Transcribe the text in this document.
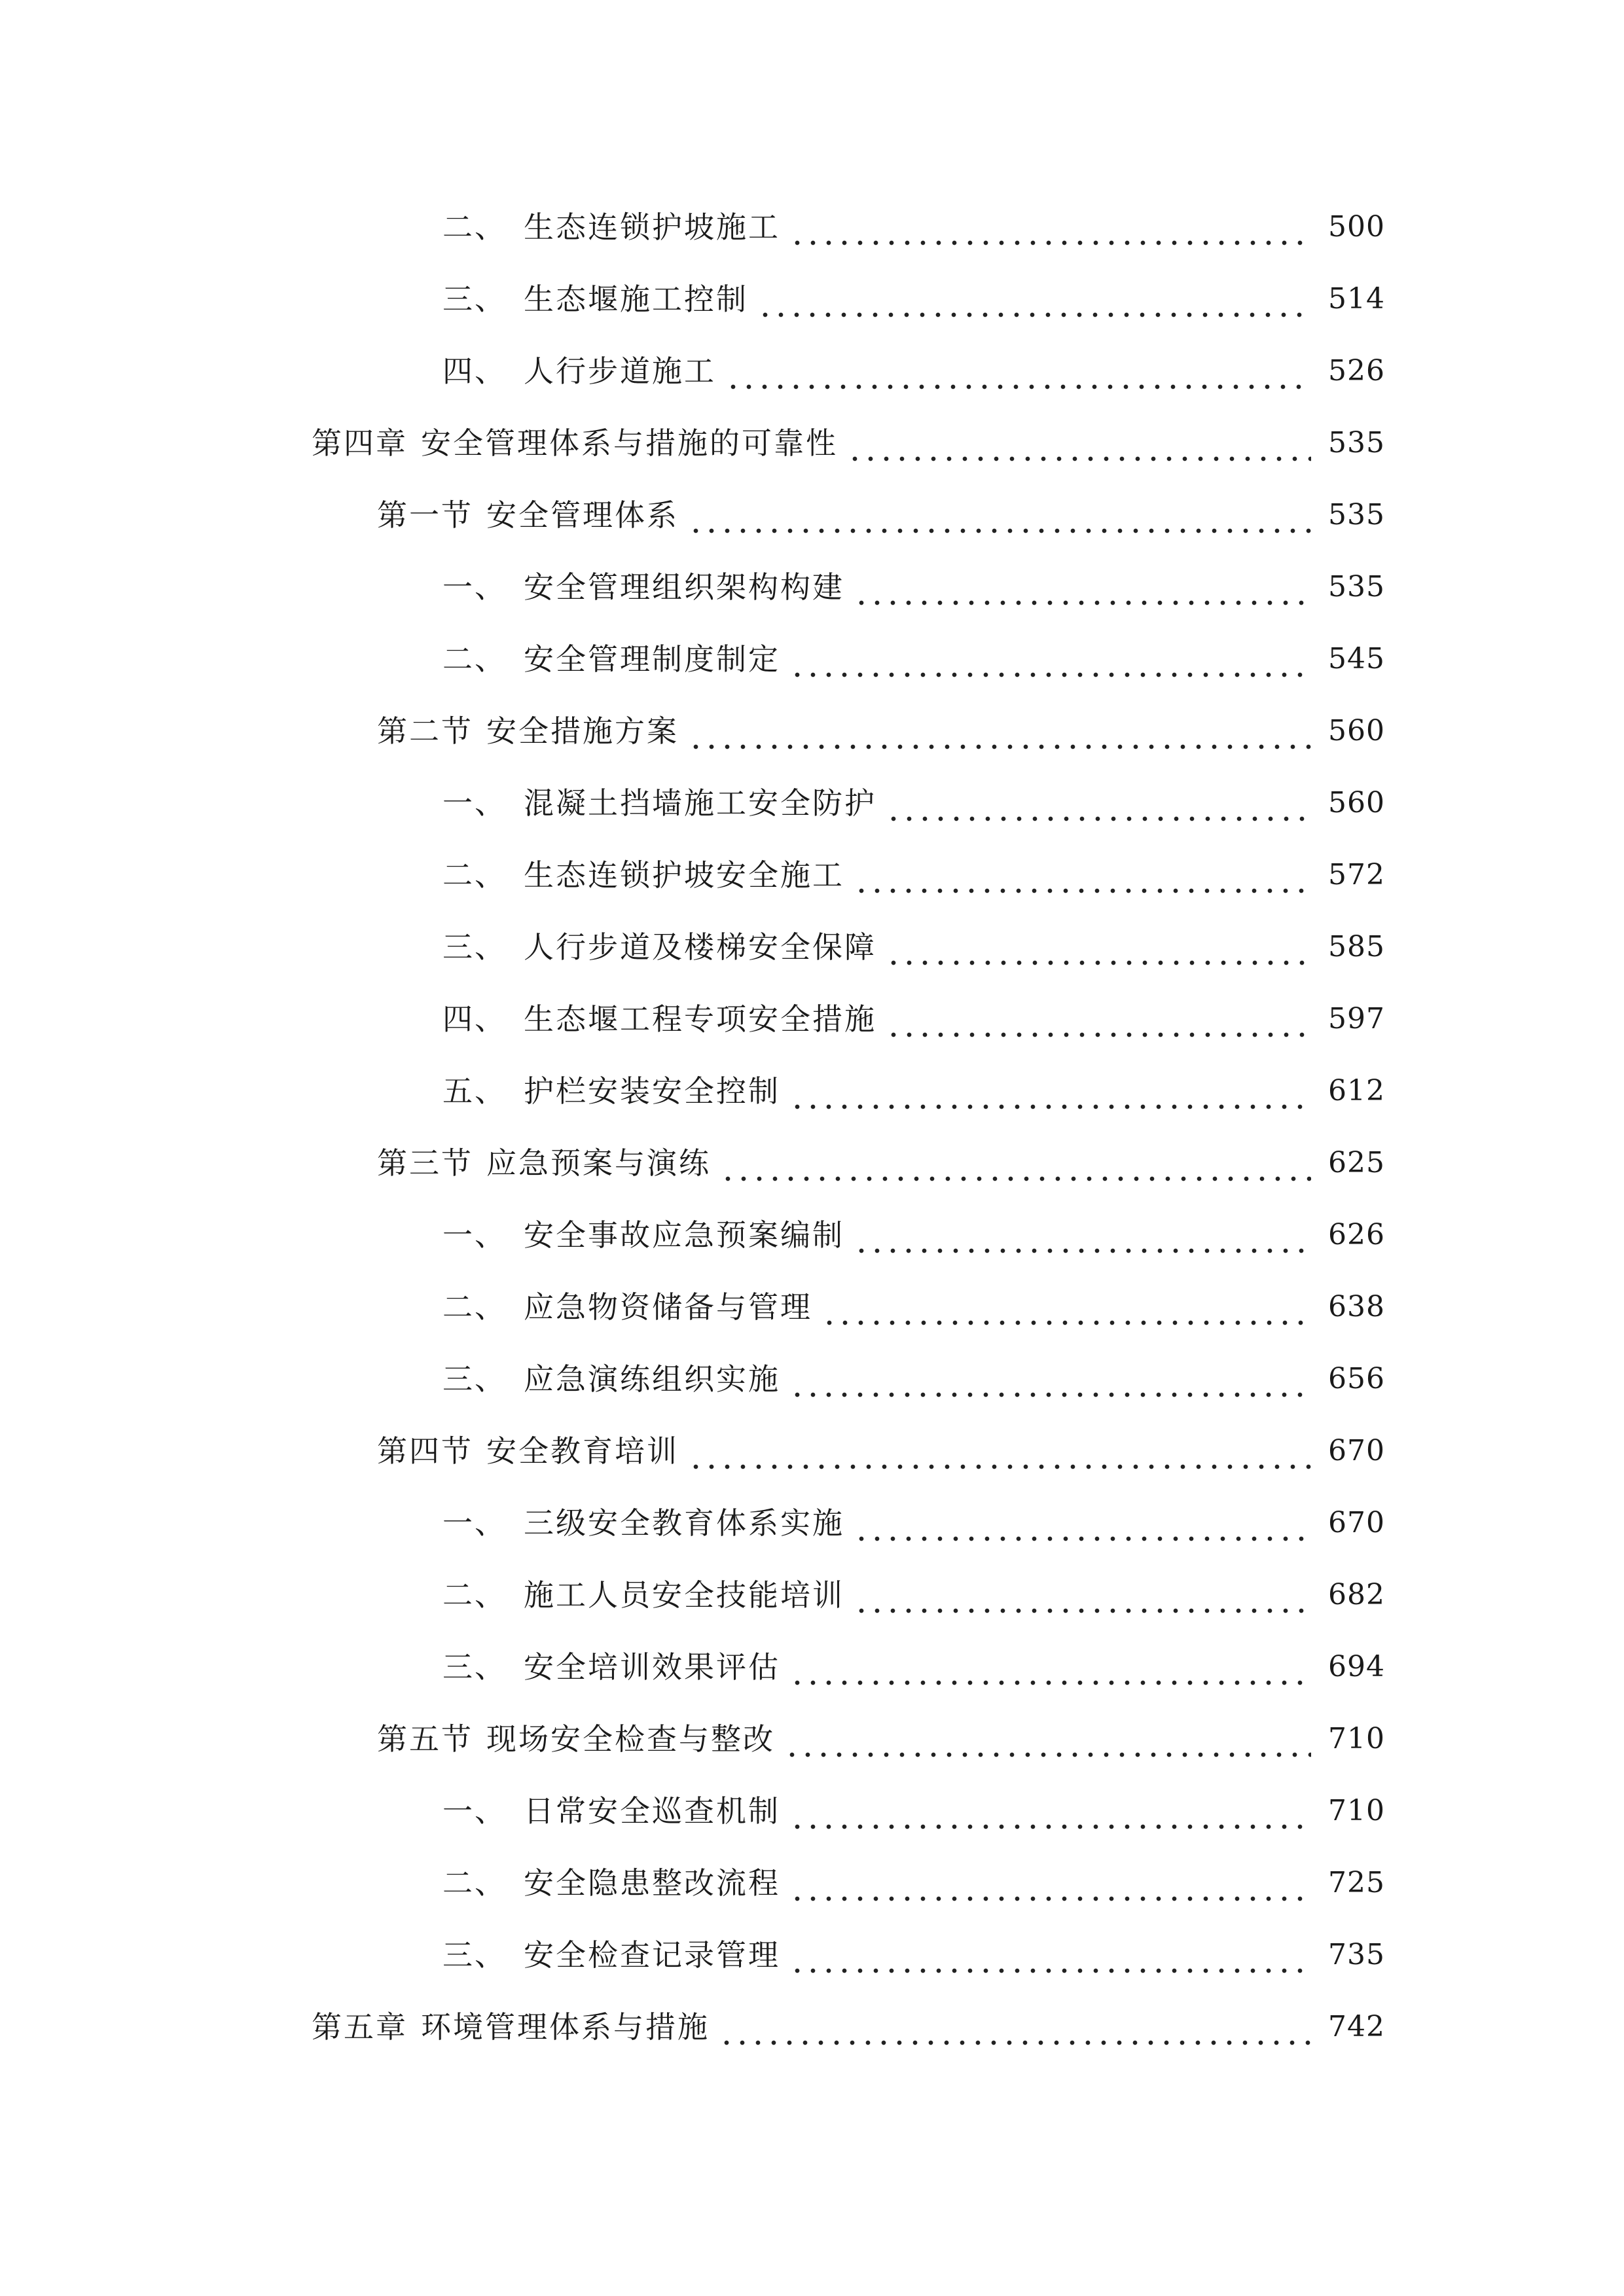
二、 生态连锁护坡施工	500
三、 生态堰施工控制	514
四、 人行步道施工	526
第四章 安全管理体系与措施的可靠性	535
第一节 安全管理体系	535
一、 安全管理组织架构构建	535
二、 安全管理制度制定	545
第二节 安全措施方案	560
一、 混凝土挡墙施工安全防护	560
二、 生态连锁护坡安全施工	572
三、 人行步道及楼梯安全保障	585
四、 生态堰工程专项安全措施	597
五、 护栏安装安全控制	612
第三节 应急预案与演练	625
一、 安全事故应急预案编制	626
二、 应急物资储备与管理	638
三、 应急演练组织实施	656
第四节 安全教育培训	670
一、 三级安全教育体系实施	670
二、 施工人员安全技能培训	682
三、 安全培训效果评估	694
第五节 现场安全检查与整改	710
一、 日常安全巡查机制	710
二、 安全隐患整改流程	725
三、 安全检查记录管理	735
第五章 环境管理体系与措施	742
